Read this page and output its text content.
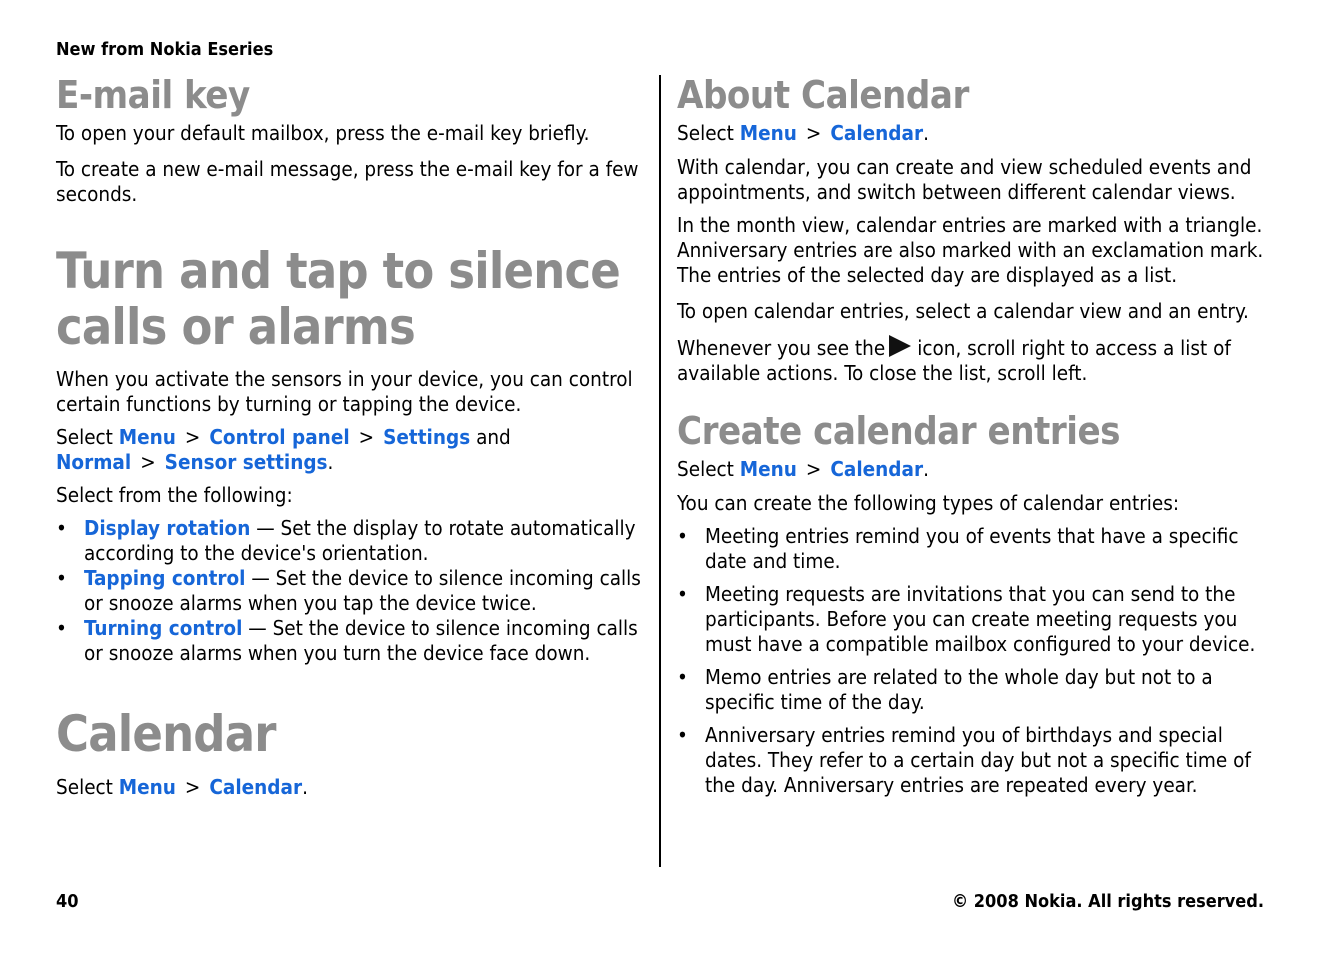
New from Nokia Eseries
E-mail key

To open your default mailbox, press the e-mail key briefly.

To create a new e-mail message, press the e-mail key for a few seconds.

Turn and tap to silence calls or alarms

When you activate the sensors in your device, you can control certain functions by turning or tapping the device.

Select Menu > Control panel > Settings and Normal > Sensor settings.

Select from the following:

• Display rotation — Set the display to rotate automatically according to the device's orientation.
• Tapping control — Set the device to silence incoming calls or snooze alarms when you tap the device twice.
• Turning control — Set the device to silence incoming calls or snooze alarms when you turn the device face down.
Calendar

Select Menu > Calendar.

About Calendar

Select Menu > Calendar.

With calendar, you can create and view scheduled events and appointments, and switch between different calendar views.

In the month view, calendar entries are marked with a triangle. Anniversary entries are also marked with an exclamation mark. The entries of the selected day are displayed as a list.

To open calendar entries, select a calendar view and an entry.

Whenever you see the icon, scroll right to access a list of available actions. To close the list, scroll left.

Create calendar entries

Select Menu > Calendar.

You can create the following types of calendar entries:

• Meeting entries remind you of events that have a specific date and time.
• Meeting requests are invitations that you can send to the participants. Before you can create meeting requests you must have a compatible mailbox configured to your device.
• Memo entries are related to the whole day but not to a specific time of the day.
• Anniversary entries remind you of birthdays and special dates. They refer to a certain day but not a specific time of the day. Anniversary entries are repeated every year.
40	© 2008 Nokia. All rights reserved.
